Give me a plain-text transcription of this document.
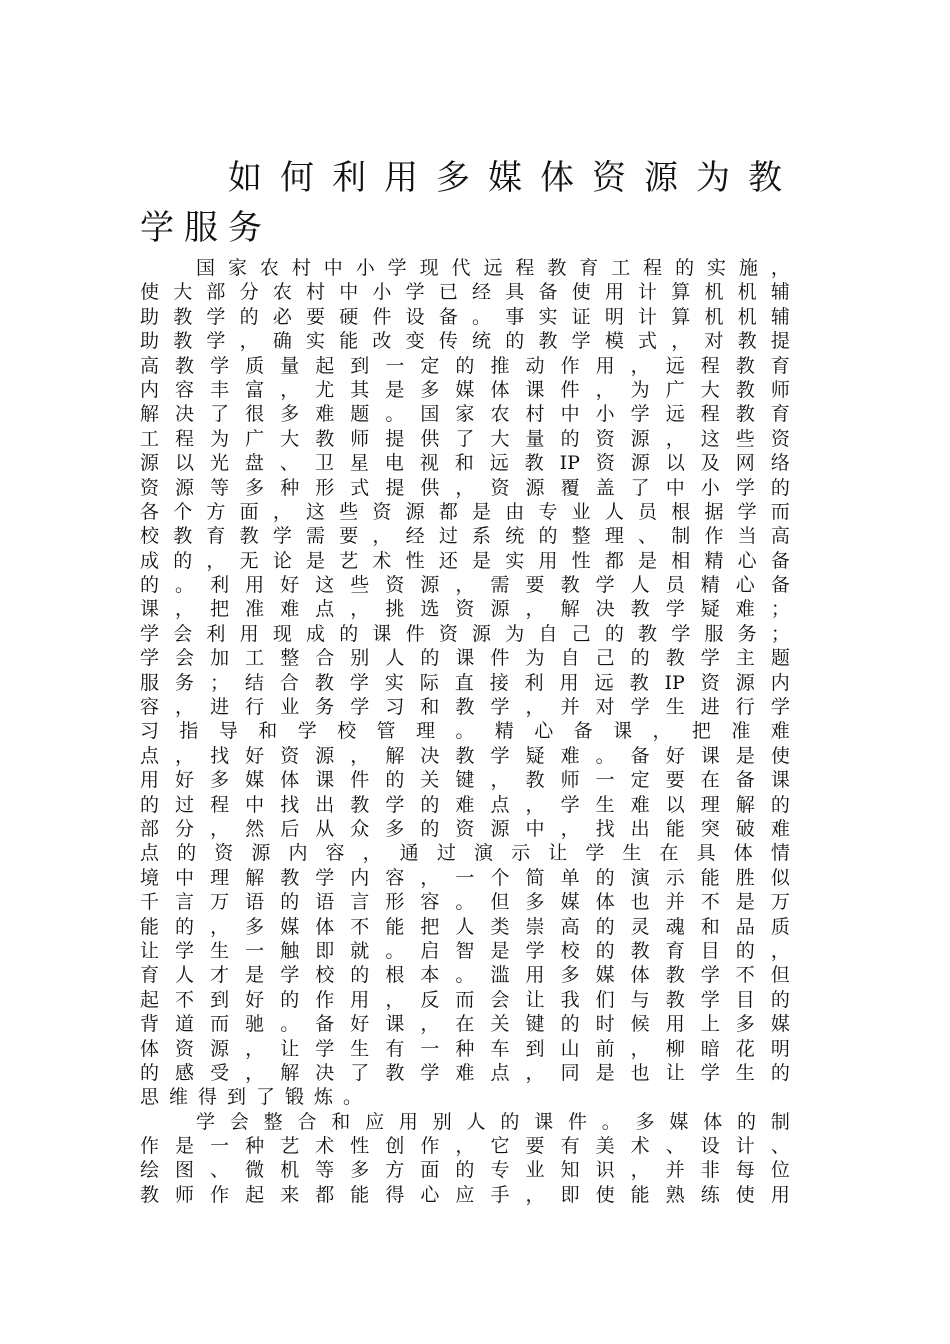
如何利用多媒体资源为教
学服务
国 家 农 村 中 小 学 现 代 远 程 教 育 工 程 的 实 施 ，
使 大 部 分 农 村 中 小 学 已 经 具 备 使 用 计 算 机 机 辅
助 教 学 的 必 要 硬 件 设 备 。 事 实 证 明 计 算 机 机 辅
助 教 学 ， 确 实 能 改 变 传 统 的 教 学 模 式 ， 对 教 提
高 教 学 质 量 起 到 一 定 的 推 动 作 用 ， 远 程 教 育
内 容 丰 富 ， 尤 其 是 多 媒 体 课 件 ， 为 广 大 教 师
解 决 了 很 多 难 题 。 国 家 农 村 中 小 学 远 程 教 育
工 程 为 广 大 教 师 提 供 了 大 量 的 资 源 ， 这 些 资
源 以 光 盘 、 卫 星 电 视 和 远 教 IP 资 源 以 及 网 络
资 源 等 多 种 形 式 提 供 ， 资 源 覆 盖 了 中 小 学 的
各 个 方 面 ， 这 些 资 源 都 是 由 专 业 人 员 根 据 学 而
校 教 育 教 学 需 要 ， 经 过 系 统 的 整 理 、 制 作 当 高
成 的 ， 无 论 是 艺 术 性 还 是 实 用 性 都 是 相 精 心 备
的 。 利 用 好 这 些 资 源 ， 需 要 教 学 人 员 精 心 备
课 ， 把 准 难 点 ， 挑 选 资 源 ， 解 决 教 学 疑 难 ；
学 会 利 用 现 成 的 课 件 资 源 为 自 己 的 教 学 服 务 ；
学 会 加 工 整 合 别 人 的 课 件 为 自 己 的 教 学 主 题
服 务 ； 结 合 教 学 实 际 直 接 利 用 远 教 IP 资 源 内
容 ， 进 行 业 务 学 习 和 教 学 ， 并 对 学 生 进 行 学
习 指 导 和 学 校 管 理 。 精 心 备 课 ， 把 准 难
点 ， 找 好 资 源 ， 解 决 教 学 疑 难 。 备 好 课 是 使
用 好 多 媒 体 课 件 的 关 键 ， 教 师 一 定 要 在 备 课
的 过 程 中 找 出 教 学 的 难 点 ， 学 生 难 以 理 解 的
部 分 ， 然 后 从 众 多 的 资 源 中 ， 找 出 能 突 破 难
点 的 资 源 内 容 ， 通 过 演 示 让 学 生 在 具 体 情
境 中 理 解 教 学 内 容 ， 一 个 简 单 的 演 示 能 胜 似
千 言 万 语 的 语 言 形 容 。 但 多 媒 体 也 并 不 是 万
能 的 ， 多 媒 体 不 能 把 人 类 崇 高 的 灵 魂 和 品 质
让 学 生 一 触 即 就 。 启 智 是 学 校 的 教 育 目 的 ，
育 人 才 是 学 校 的 根 本 。 滥 用 多 媒 体 教 学 不 但
起 不 到 好 的 作 用 ， 反 而 会 让 我 们 与 教 学 目 的
背 道 而 驰 。 备 好 课 ， 在 关 键 的 时 候 用 上 多 媒
体 资 源 ， 让 学 生 有 一 种 车 到 山 前 ， 柳 暗 花 明
的 感 受 ， 解 决 了 教 学 难 点 ， 同 是 也 让 学 生 的
思维得到了锻炼。
学 会 整 合 和 应 用 别 人 的 课 件 。 多 媒 体 的 制
作 是 一 种 艺 术 性 创 作 ， 它 要 有 美 术 、 设 计 、
绘 图 、 微 机 等 多 方 面 的 专 业 知 识 ， 并 非 每 位
教 师 作 起 来 都 能 得 心 应 手 ， 即 使 能 熟 练 使 用
